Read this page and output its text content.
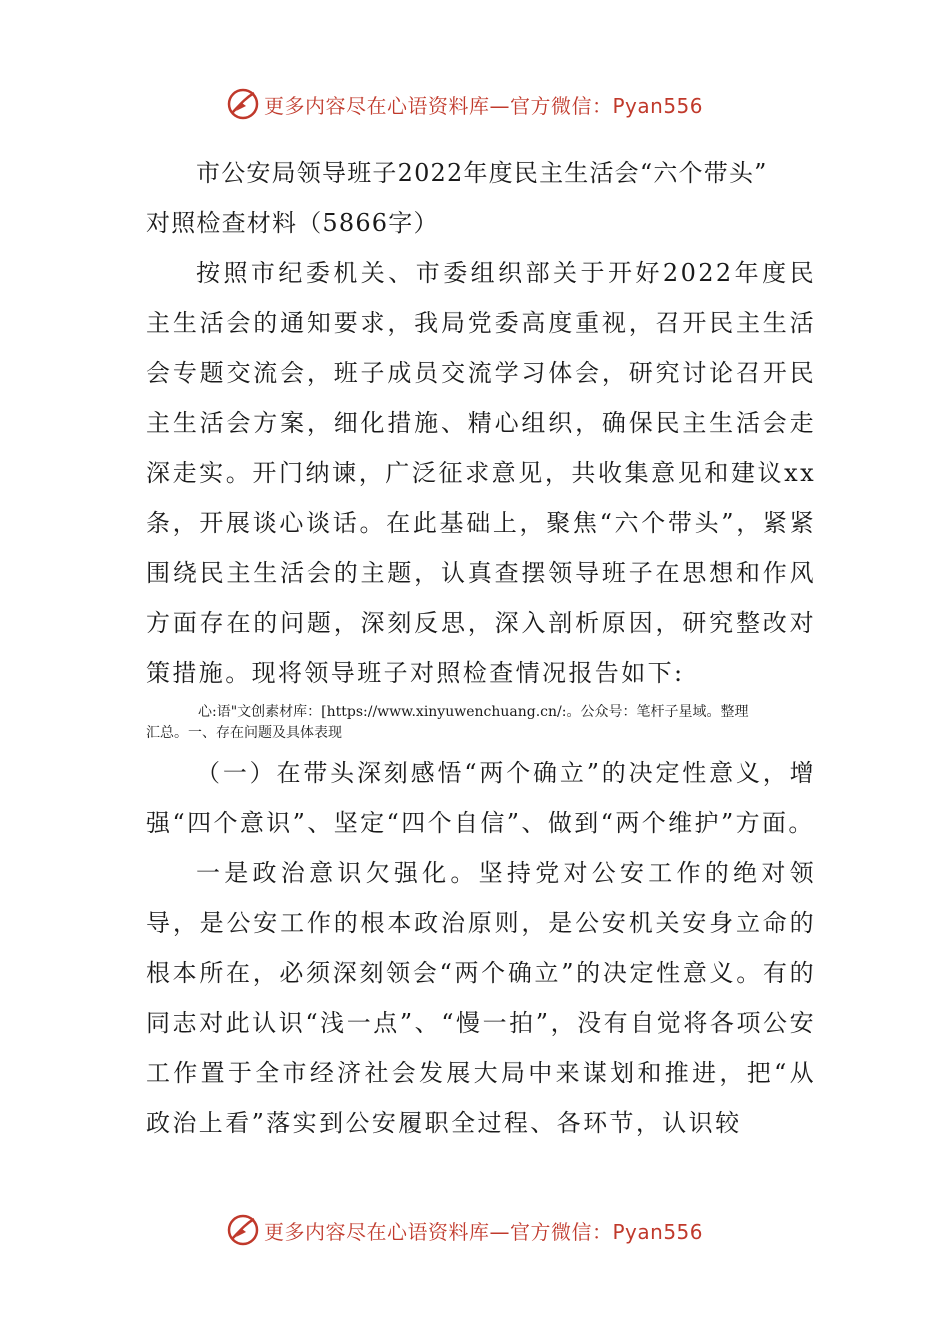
更多内容尽在心语资料库—官方微信：Pyan556
市公安局领导班子2022年度民主生活会“六个带头”
对照检查材料（5866字）

按照市纪委机关、市委组织部关于开好2022年度民主生活会的通知要求，我局党委高度重视，召开民主生活会专题交流会，班子成员交流学习体会，研究讨论召开民主生活会方案，细化措施、精心组织，确保民主生活会走深走实。开门纳谏，广泛征求意见，共收集意见和建议xx条，开展谈心谈话。在此基础上，聚焦“六个带头”，紧紧围绕民主生活会的主题，认真查摆领导班子在思想和作风方面存在的问题，深刻反思，深入剖析原因，研究整改对策措施。现将领导班子对照检查情况报告如下:

心:语"文创素材库：[https://www.xinyuwenchuang.cn/:。公众号：笔杆子星域。整理
汇总。一、存在问题及具体表现

（一）在带头深刻感悟“两个确立”的决定性意义，增强“四个意识”、坚定“四个自信”、做到“两个维护”方面。

一是政治意识欠强化。坚持党对公安工作的绝对领导，是公安工作的根本政治原则，是公安机关安身立命的根本所在，必须深刻领会“两个确立”的决定性意义。有的同志对此认识“浅一点”、“慢一拍”，没有自觉将各项公安工作置于全市经济社会发展大局中来谋划和推进，把“从政治上看”落实到公安履职全过程、各环节，认识较

更多内容尽在心语资料库—官方微信：Pyan556
